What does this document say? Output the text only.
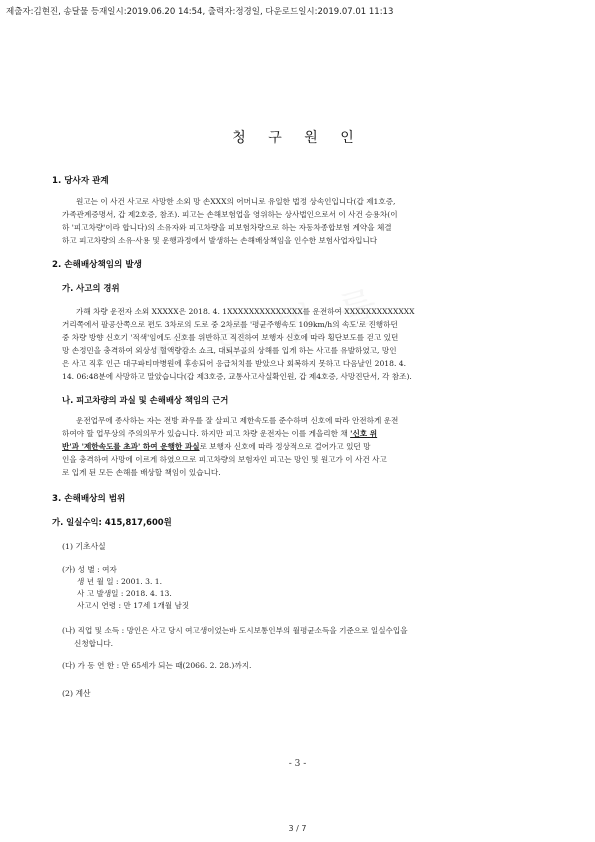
제출자:김현진, 송달물 등재일시:2019.06.20 14:54, 출력자:정경일, 다운로드일시:2019.07.01 11:13
청 구 원 인
1. 당사자 관계
원고는 이 사건 사고로 사망한 소외 망 손XXX의 어머니로 유일한 법정 상속인입니다(갑 제1호증,
가족관계증명서, 갑 제2호증, 참조). 피고는 손해보험업을 영위하는 상사법인으로서 이 사건 승용차(이
하 '피고차량'이라 합니다)의 소유자와 피고차량을 피보험차량으로 하는 자동차종합보험 계약을 체결
하고 피고차량의 소유·사용 및 운행과정에서 발생하는 손해배상책임을 인수한 보험사업자입니다
2. 손해배상책임의 발생
가. 사고의 경위
가해 차량 운전자 소외 XXXXX은 2018. 4. 1XXXXXXXXXXXXXX를 운전하여 XXXXXXXXXXXXX
거리쪽에서 팔공산쪽으로 편도 3차로의 도로 중 2차로를 '평균주행속도 109km/h의 속도'로 진행하던
중 차량 방향 신호기 '적색'임에도 신호를 위반하고 직진하여 보행자 신호에 따라 횡단보도를 걷고 있던
망 손정민을 충격하여 외상성 혈액량감소 쇼크, 대퇴부골의 상해를 입게 하는 사고를 유발하였고, 망인
은 사고 직후 인근 대구파티마병원에 후송되어 응급처치를 받았으나 회복하지 못하고 다음날인 2018. 4.
14. 06:48분에 사망하고 말았습니다(갑 제3호증, 교통사고사실확인원, 갑 제4호증, 사망진단서, 각 참조).
나. 피고차량의 과실 및 손해배상 책임의 근거
운전업무에 종사하는 자는 전방 좌우를 잘 살피고 제한속도를 준수하며 신호에 따라 안전하게 운전
하여야 할 업무상의 주의의무가 있습니다. 하지만 피고 차량 운전자는 이를 게을리한 채 '신호 위
반'과 '제한속도를 초과' 하여 운행한 과실로 보행자 신호에 따라 정상적으로 걸어가고 있던 망
인을 충격하여 사망에 이르게 하였으므로 피고차량의 보험자인 피고는 망인 및 원고가 이 사건 사고
로 입게 된 모든 손해를 배상할 책임이 있습니다.
3. 손해배상의 범위
가. 일실수익: 415,817,600원
(1) 기초사실
(가) 성 별 : 여자
생 년 월 일 : 2001. 3. 1.
사 고 발생일 : 2018. 4. 13.
사고시 연령 : 만 17세 1개월 남짓
(나) 직업 및 소득 : 망인은 사고 당시 여고생이었는바 도시보통인부의 월평균소득을 기준으로 일실수입을
신청합니다.
(다) 가 동 연 한 : 만 65세가 되는 때(2066. 2. 28.)까지.
(2) 계산
- 3 -
3 / 7
